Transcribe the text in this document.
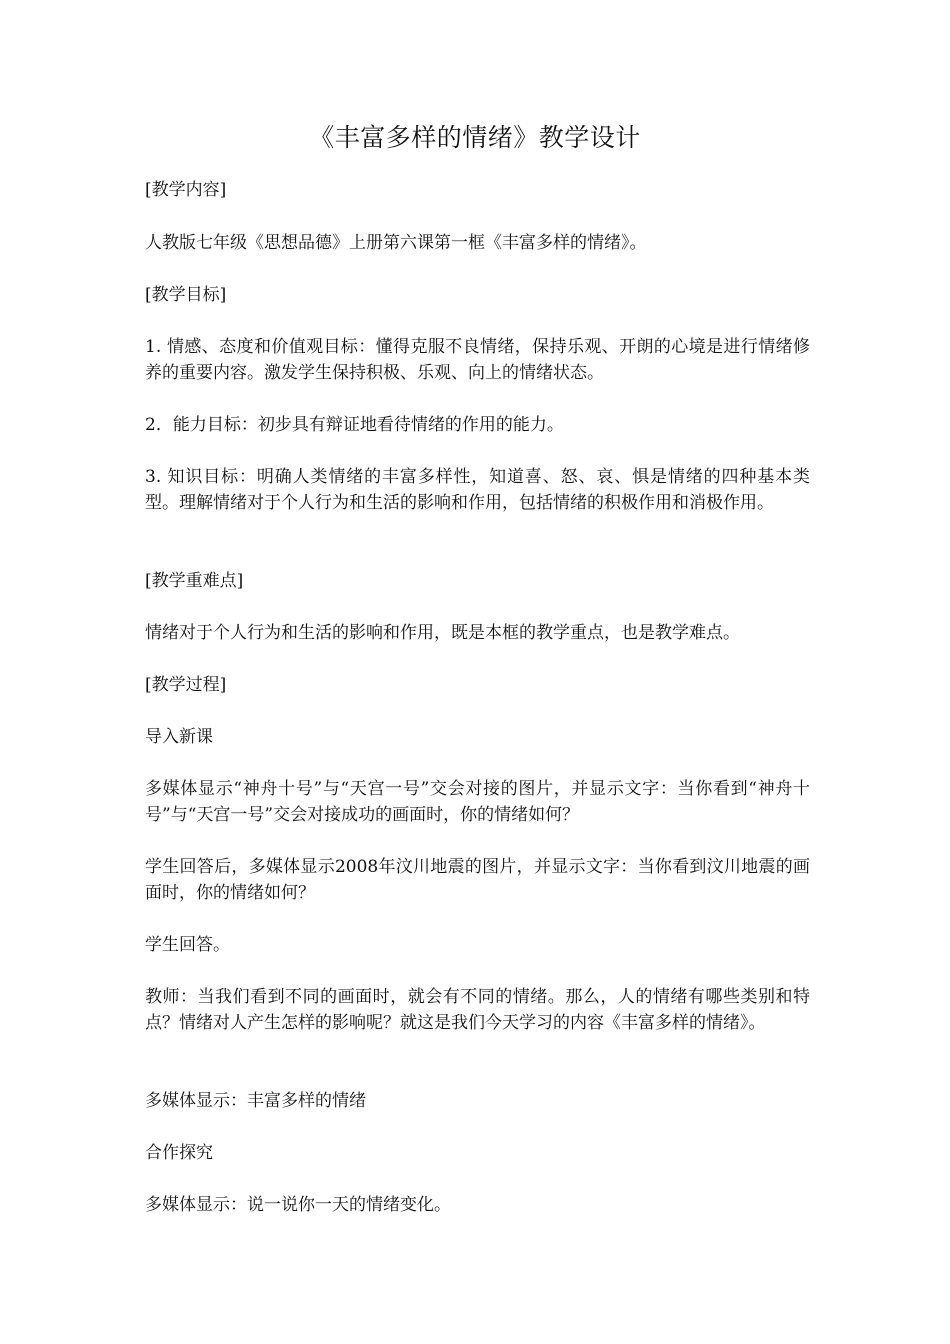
《丰富多样的情绪》教学设计

[教学内容]

人教版七年级《思想品德》上册第六课第一框《丰富多样的情绪》。

[教学目标]

1. 情感、态度和价值观目标：懂得克服不良情绪，保持乐观、开朗的心境是进行情绪修养的重要内容。激发学生保持积极、乐观、向上的情绪状态。

2．能力目标：初步具有辩证地看待情绪的作用的能力。

3. 知识目标：明确人类情绪的丰富多样性，知道喜、怒、哀、惧是情绪的四种基本类型。理解情绪对于个人行为和生活的影响和作用，包括情绪的积极作用和消极作用。

[教学重难点]

情绪对于个人行为和生活的影响和作用，既是本框的教学重点，也是教学难点。

[教学过程]

导入新课

多媒体显示“神舟十号”与“天宫一号”交会对接的图片，并显示文字：当你看到“神舟十号”与“天宫一号”交会对接成功的画面时，你的情绪如何？

学生回答后，多媒体显示2008年汶川地震的图片，并显示文字：当你看到汶川地震的画面时，你的情绪如何？

学生回答。

教师：当我们看到不同的画面时，就会有不同的情绪。那么，人的情绪有哪些类别和特点？情绪对人产生怎样的影响呢？就这是我们今天学习的内容《丰富多样的情绪》。

多媒体显示：丰富多样的情绪

合作探究

多媒体显示：说一说你一天的情绪变化。
